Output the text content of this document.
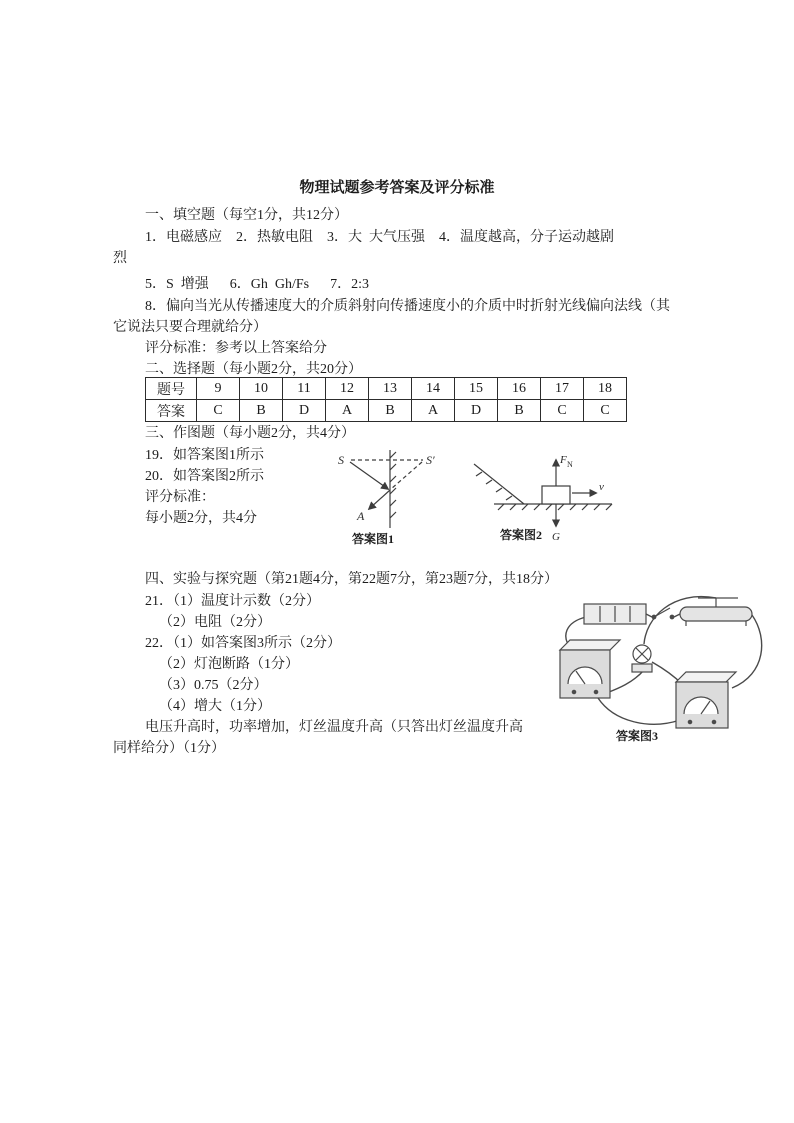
物理试题参考答案及评分标准
一、填空题（每空1分，共12分）
1．电磁感应    2．热敏电阻    3．大  大气压强    4．温度越高，分子运动越剧
烈
5．S  增强      6．Gh  Gh/Fs      7．2:3
8．偏向当光从传播速度大的介质斜射向传播速度小的介质中时折射光线偏向法线（其
它说法只要合理就给分）
评分标准：参考以上答案给分
二、选择题（每小题2分，共20分）
题号	9	10	11	12	13	14	15	16	17	18
答案	C	B	D	A	B	A	D	B	C	C
三、作图题（每小题2分，共4分）
19．如答案图1所示
20．如答案图2所示
评分标准：
每小题2分，共4分
S	S′
A
答案图1
F N
v
G
答案图2
四、实验与探究题（第21题4分，第22题7分，第23题7分，共18分）
21．（1）温度计示数（2分）
（2）电阻（2分）
22．（1）如答案图3所示（2分）
（2）灯泡断路（1分）
（3）0.75（2分）
（4）增大（1分）
电压升高时，功率增加，灯丝温度升高（只答出灯丝温度升高
同样给分）（1分）
答案图3
